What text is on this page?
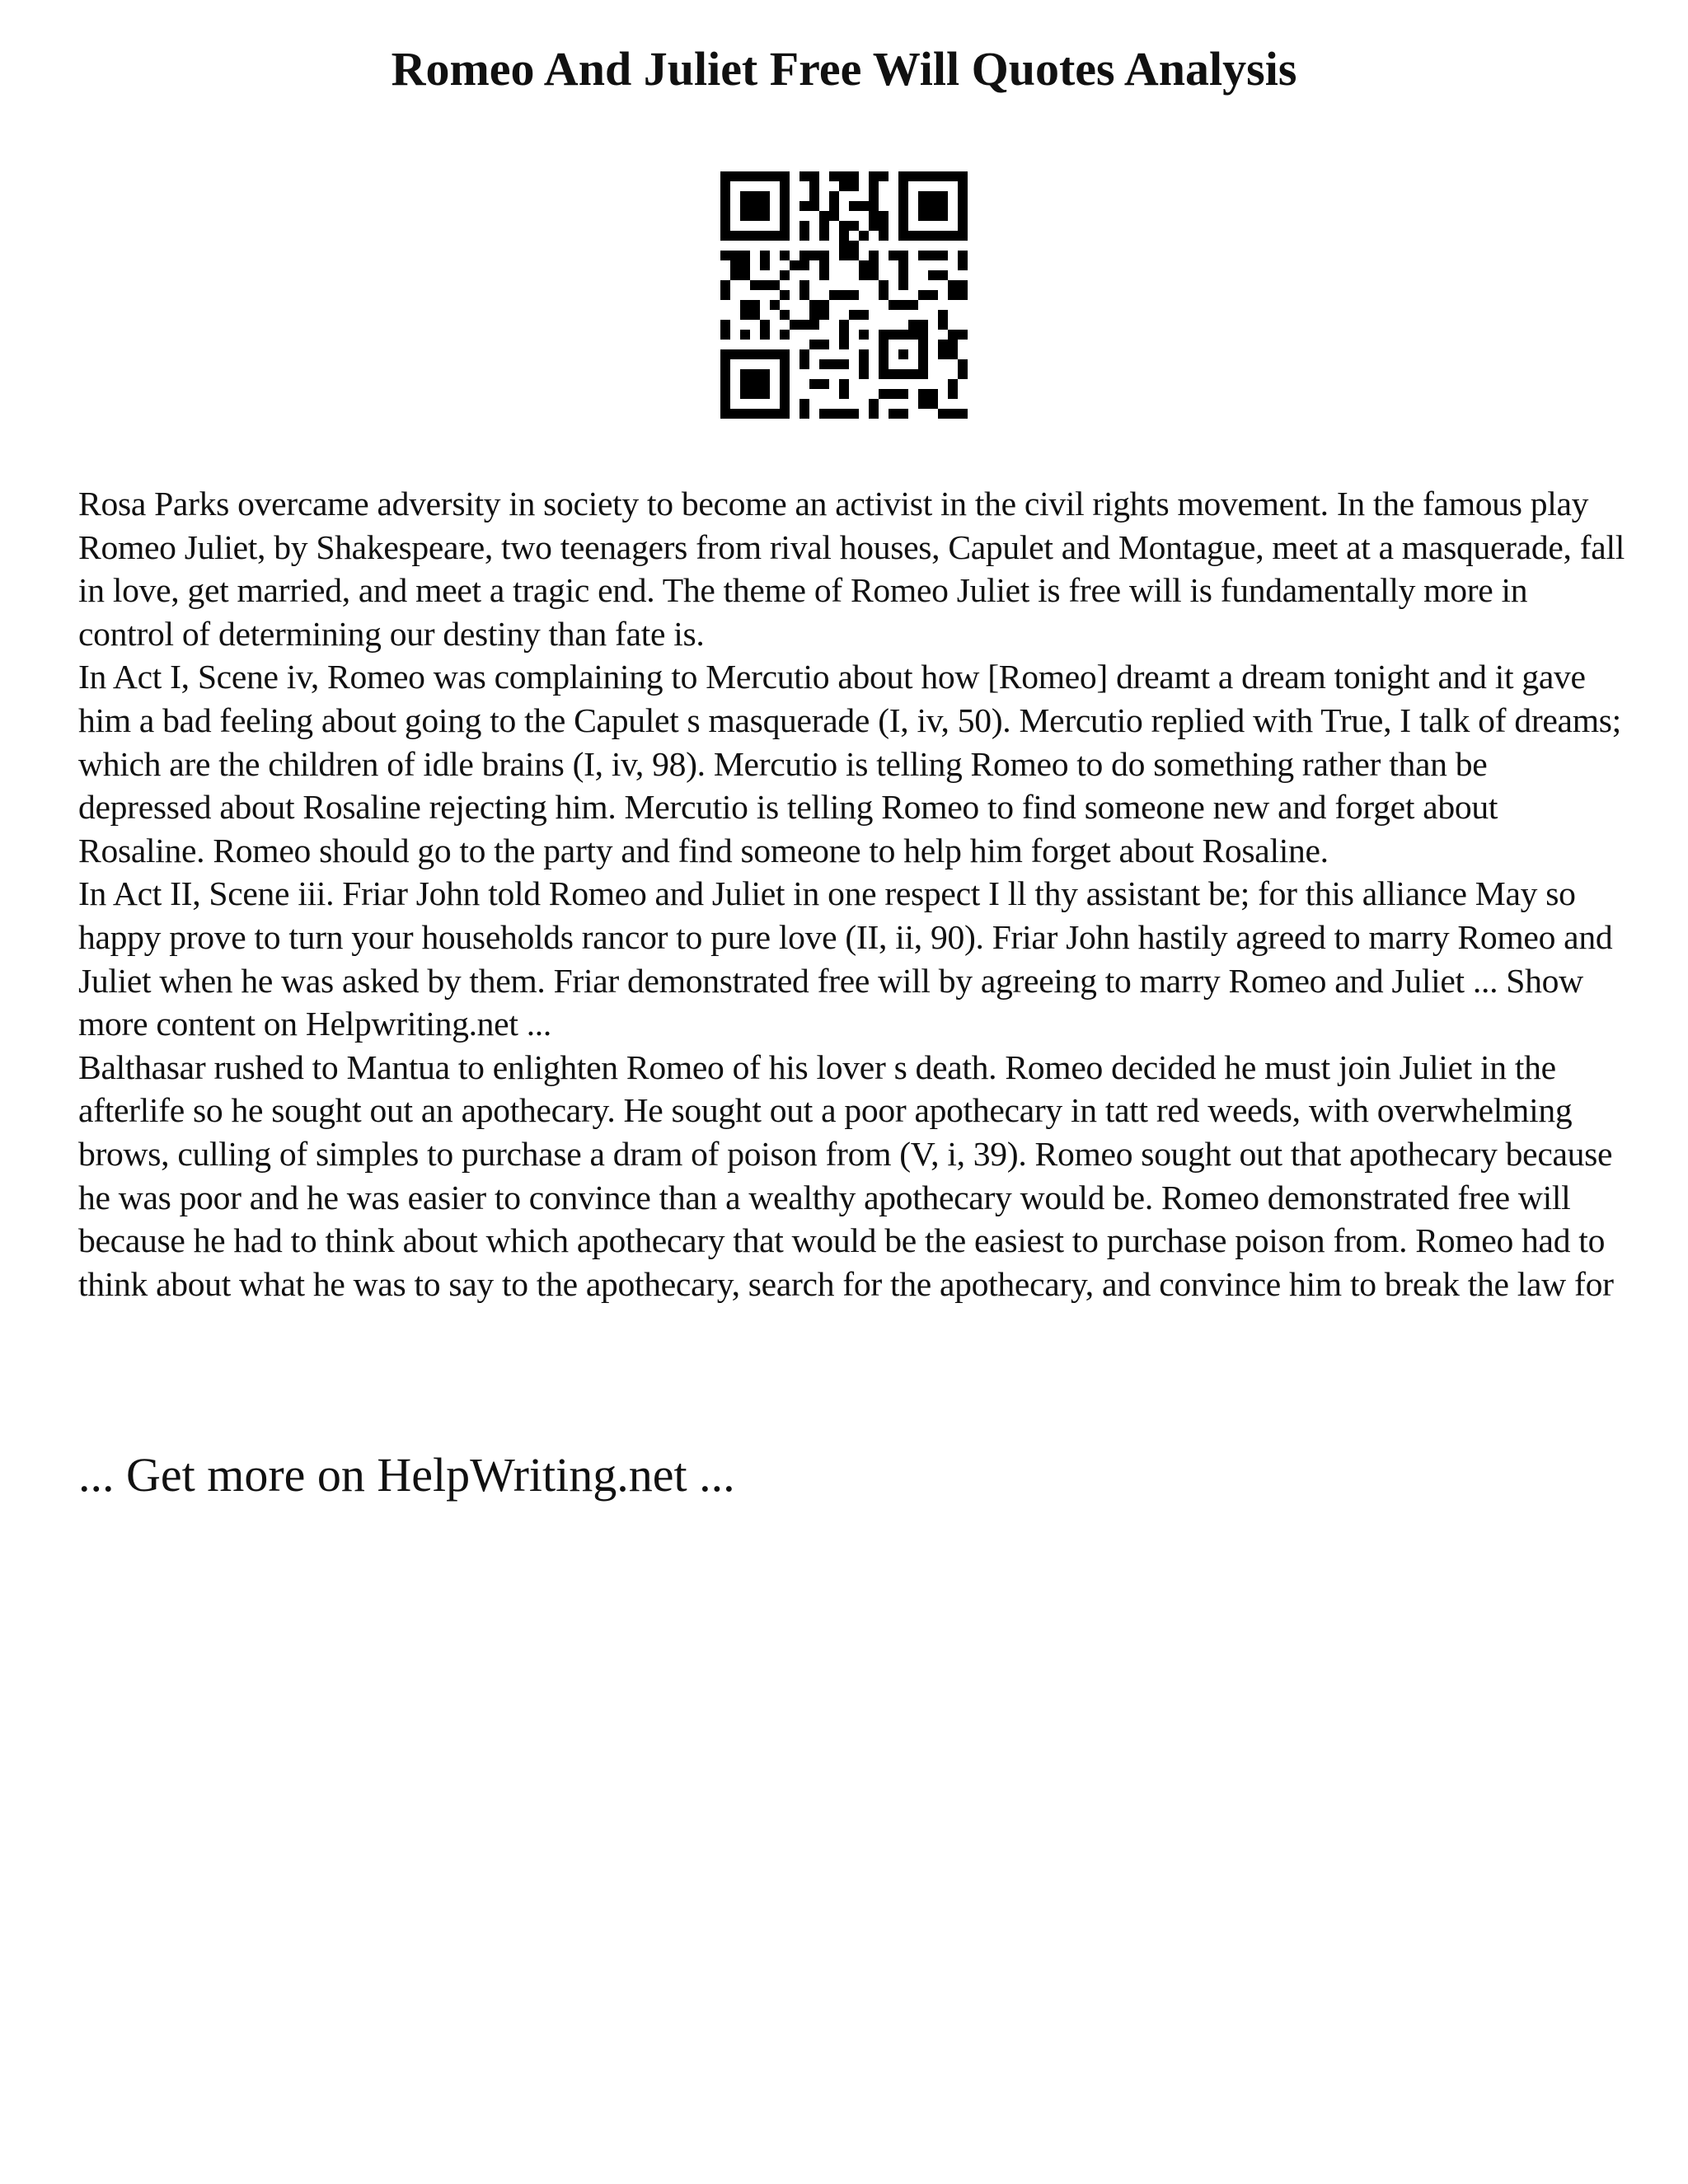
Romeo And Juliet Free Will Quotes Analysis

Rosa Parks overcame adversity in society to become an activist in the civil rights movement. In the famous play Romeo Juliet, by Shakespeare, two teenagers from rival houses, Capulet and Montague, meet at a masquerade, fall in love, get married, and meet a tragic end. The theme of Romeo Juliet is free will is fundamentally more in control of determining our destiny than fate is.

In Act I, Scene iv, Romeo was complaining to Mercutio about how [Romeo] dreamt a dream tonight and it gave him a bad feeling about going to the Capulet s masquerade (I, iv, 50). Mercutio replied with True, I talk of dreams; which are the children of idle brains (I, iv, 98). Mercutio is telling Romeo to do something rather than be depressed about Rosaline rejecting him. Mercutio is telling Romeo to find someone new and forget about Rosaline. Romeo should go to the party and find someone to help him forget about Rosaline.

In Act II, Scene iii. Friar John told Romeo and Juliet in one respect I ll thy assistant be; for this alliance May so happy prove to turn your households rancor to pure love (II, ii, 90). Friar John hastily agreed to marry Romeo and Juliet when he was asked by them. Friar demonstrated free will by agreeing to marry Romeo and Juliet ... Show more content on Helpwriting.net ...

Balthasar rushed to Mantua to enlighten Romeo of his lover s death. Romeo decided he must join Juliet in the afterlife so he sought out an apothecary. He sought out a poor apothecary in tatt red weeds, with overwhelming brows, culling of simples to purchase a dram of poison from (V, i, 39). Romeo sought out that apothecary because he was poor and he was easier to convince than a wealthy apothecary would be. Romeo demonstrated free will because he had to think about which apothecary that would be the easiest to purchase poison from. Romeo had to think about what he was to say to the apothecary, search for the apothecary, and convince him to break the law for

... Get more on HelpWriting.net ...
